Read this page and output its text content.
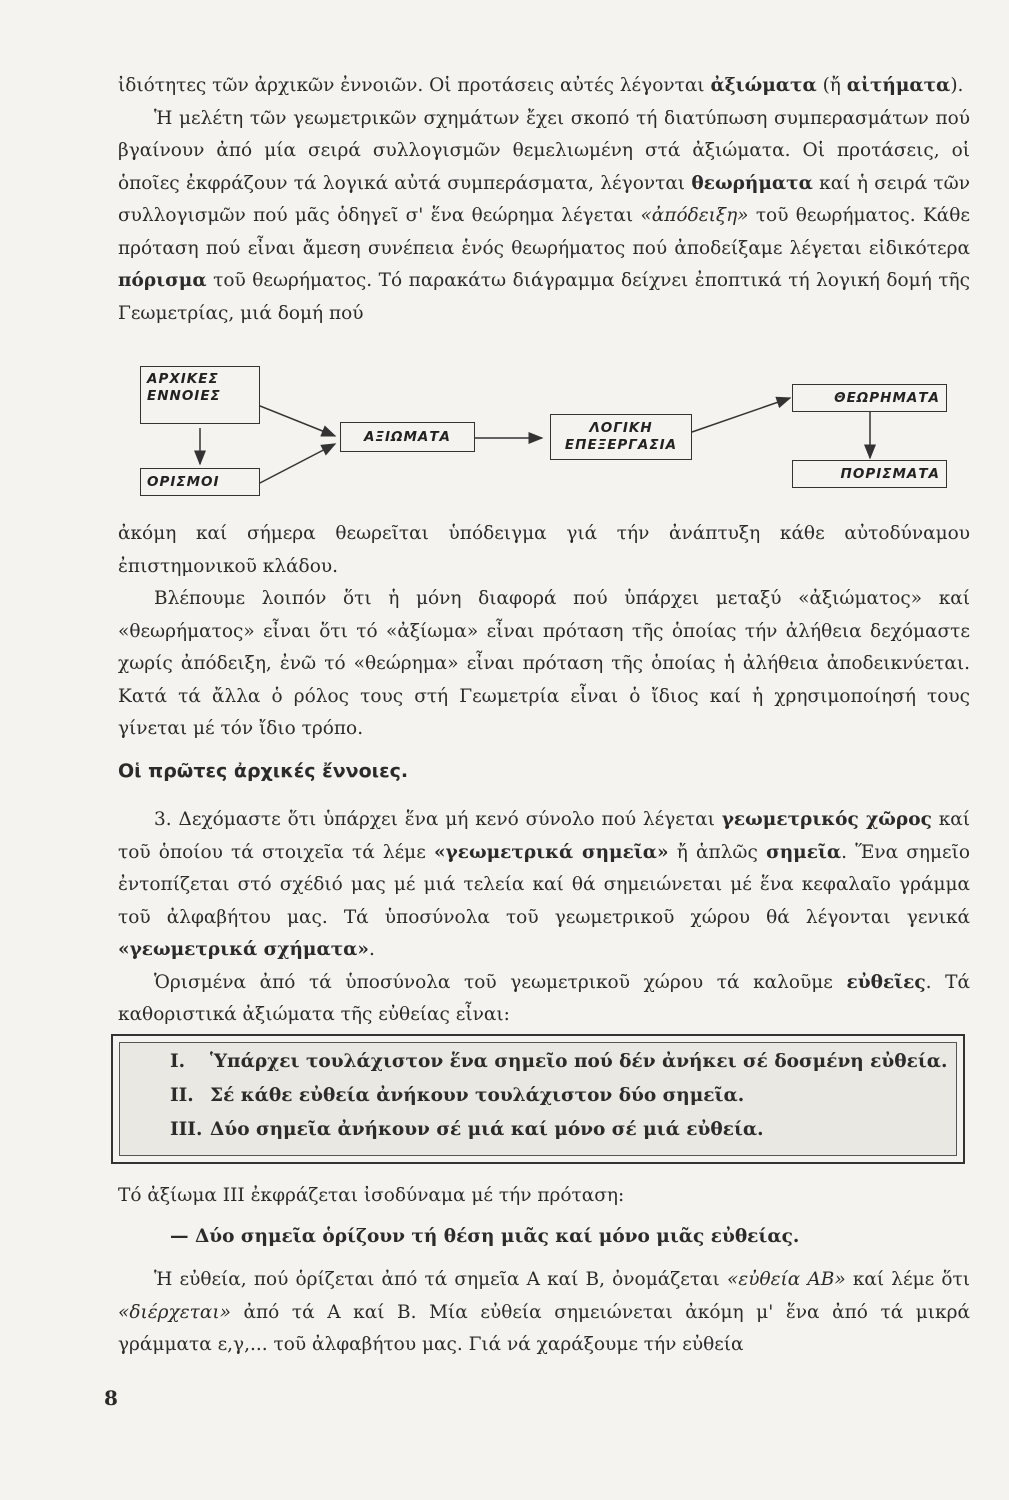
ἰδιότητες τῶν ἀρχικῶν ἐννοιῶν. Οἱ προτάσεις αὐτές λέγονται ἀξιώματα (ἤ αἰτήματα).

Ἡ μελέτη τῶν γεωμετρικῶν σχημάτων ἔχει σκοπό τή διατύπωση συμπερασμάτων πού βγαίνουν ἀπό μία σειρά συλλογισμῶν θεμελιωμένη στά ἀξιώματα. Οἱ προτάσεις, οἱ ὁποῖες ἐκφράζουν τά λογικά αὐτά συμπεράσματα, λέγονται θεωρήματα καί ἡ σειρά τῶν συλλογισμῶν πού μᾶς ὁδηγεῖ σ' ἕνα θεώρημα λέγεται «ἀπόδειξη» τοῦ θεωρήματος. Κάθε πρόταση πού εἶναι ἄμεση συνέπεια ἑνός θεωρήματος πού ἀποδείξαμε λέγεται εἰδικότερα πόρισμα τοῦ θεωρήματος. Τό παρακάτω διάγραμμα δείχνει ἐποπτικά τή λογική δομή τῆς Γεωμετρίας, μιά δομή πού

ΑΡΧΙΚΕΣ ΕΝΝΟΙΕΣ
ΟΡΙΣΜΟΙ
ΑΞΙΩΜΑΤΑ
ΛΟΓΙΚΗ ΕΠΕΞΕΡΓΑΣΙΑ
ΘΕΩΡΗΜΑΤΑ
ΠΟΡΙΣΜΑΤΑ

ἀκόμη καί σήμερα θεωρεῖται ὑπόδειγμα γιά τήν ἀνάπτυξη κάθε αὐτοδύναμου ἐπιστημονικοῦ κλάδου.

Βλέπουμε λοιπόν ὅτι ἡ μόνη διαφορά πού ὑπάρχει μεταξύ «ἀξιώματος» καί «θεωρήματος» εἶναι ὅτι τό «ἀξίωμα» εἶναι πρόταση τῆς ὁποίας τήν ἀλήθεια δεχόμαστε χωρίς ἀπόδειξη, ἐνῶ τό «θεώρημα» εἶναι πρόταση τῆς ὁποίας ἡ ἀλήθεια ἀποδεικνύεται. Κατά τά ἄλλα ὁ ρόλος τους στή Γεωμετρία εἶναι ὁ ἴδιος καί ἡ χρησιμοποίησή τους γίνεται μέ τόν ἴδιο τρόπο.

Οἱ πρῶτες ἀρχικές ἔννοιες.

3. Δεχόμαστε ὅτι ὑπάρχει ἕνα μή κενό σύνολο πού λέγεται γεωμετρικός χῶρος καί τοῦ ὁποίου τά στοιχεῖα τά λέμε «γεωμετρικά σημεῖα» ἤ ἁπλῶς σημεῖα. Ἕνα σημεῖο ἐντοπίζεται στό σχέδιό μας μέ μιά τελεία καί θά σημειώνεται μέ ἕνα κεφαλαῖο γράμμα τοῦ ἀλφαβήτου μας. Τά ὑποσύνολα τοῦ γεωμετρικοῦ χώρου θά λέγονται γενικά «γεωμετρικά σχήματα».

Ὁρισμένα ἀπό τά ὑποσύνολα τοῦ γεωμετρικοῦ χώρου τά καλοῦμε εὐθεῖες. Τά καθοριστικά ἀξιώματα τῆς εὐθείας εἶναι:

I. Ὑπάρχει τουλάχιστον ἕνα σημεῖο πού δέν ἀνήκει σέ δοσμένη εὐθεία.
II. Σέ κάθε εὐθεία ἀνήκουν τουλάχιστον δύο σημεῖα.
III. Δύο σημεῖα ἀνήκουν σέ μιά καί μόνο σέ μιά εὐθεία.

Τό ἀξίωμα ΙΙΙ ἐκφράζεται ἰσοδύναμα μέ τήν πρόταση:

— Δύο σημεῖα ὁρίζουν τή θέση μιᾶς καί μόνο μιᾶς εὐθείας.

Ἡ εὐθεία, πού ὁρίζεται ἀπό τά σημεῖα Α καί Β, ὀνομάζεται «εὐθεία ΑΒ» καί λέμε ὅτι «διέρχεται» ἀπό τά Α καί Β. Μία εὐθεία σημειώνεται ἀκόμη μ' ἕνα ἀπό τά μικρά γράμματα ε,γ,... τοῦ ἀλφαβήτου μας. Γιά νά χαράξουμε τήν εὐθεία

8
